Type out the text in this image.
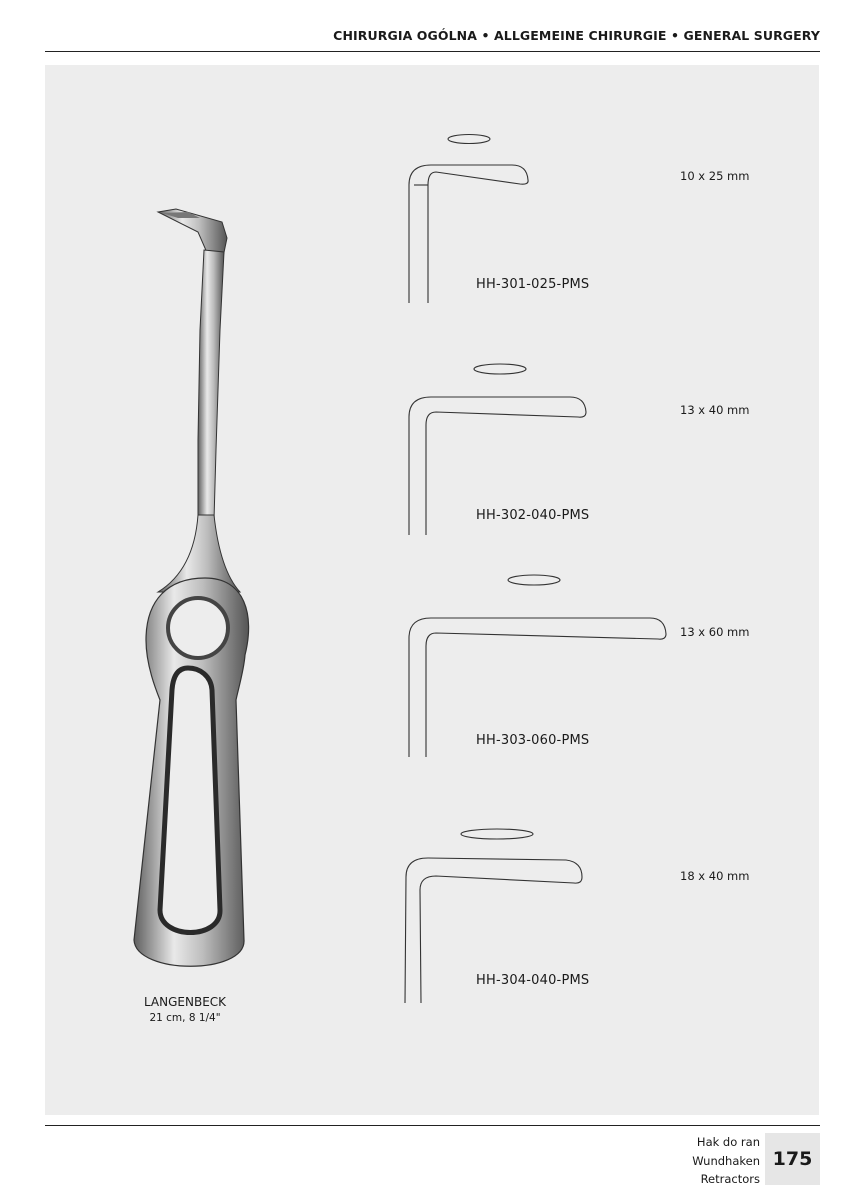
CHIRURGIA OGÓLNA • ALLGEMEINE CHIRURGIE • GENERAL SURGERY
10 x 25 mm
13 x 40 mm
13 x 60 mm
18 x 40 mm
HH-301-025-PMS
HH-302-040-PMS
HH-303-060-PMS
HH-304-040-PMS
LANGENBECK
21 cm, 8 1/4"
Hak do ran
Wundhaken
Retractors
175
